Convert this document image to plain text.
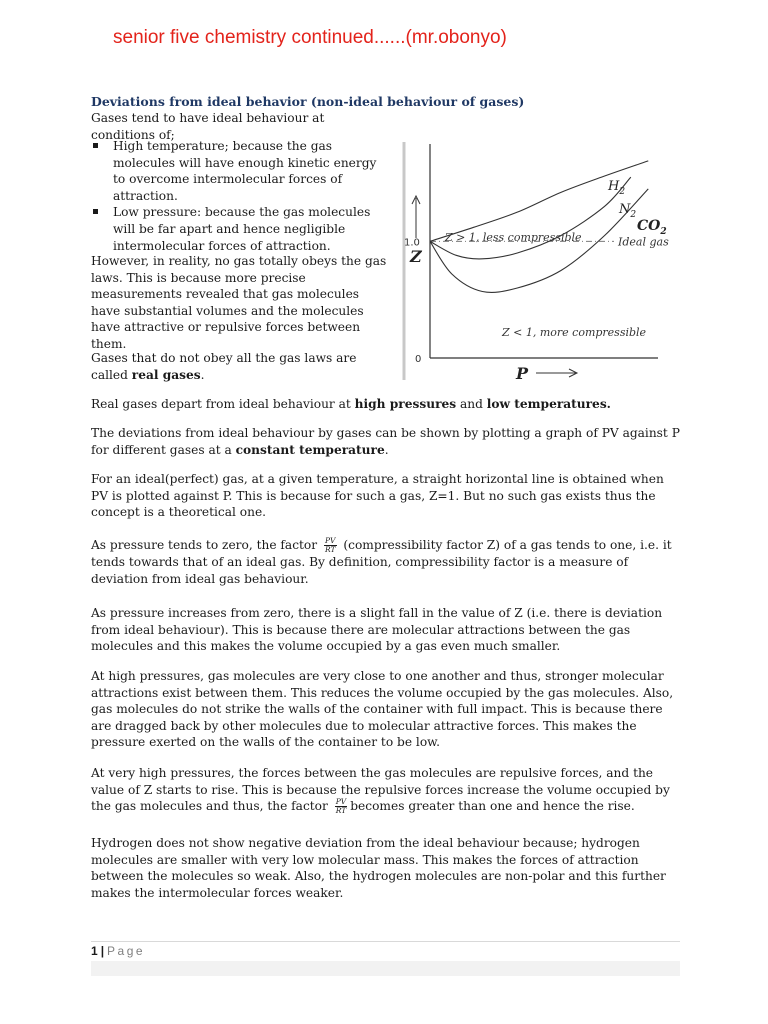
senior five chemistry continued......(mr.obonyo)
Deviations from ideal behavior (non-ideal behaviour of gases)

Gases tend to have ideal behaviour at conditions of;

High temperature; because the gas molecules will have enough kinetic energy to overcome intermolecular forces of attraction.
Low pressure: because the gas molecules will be far apart and hence negligible intermolecular forces of attraction.

However, in reality, no gas totally obeys the gas laws. This is because more precise measurements revealed that gas molecules have substantial volumes and the molecules have attractive or repulsive forces between them.

Gases that do not obey all the gas laws are called real gases.

Ideal gas
1.0
0
Z
P
$H_2$
$N_2$
$CO_2$
Z > 1, less compressible
Z < 1, more compressible

Real gases depart from ideal behaviour at high pressures and low temperatures.

The deviations from ideal behaviour by gases can be shown by plotting a graph of PV against P for different gases at a constant temperature.

For an ideal(perfect) gas, at a given temperature, a straight horizontal line is obtained when PV is plotted against P. This is because for such a gas, Z=1. But no such gas exists thus the concept is a theoretical one.

As pressure tends to zero, the factor $\frac{PV}{RT}$ (compressibility factor Z) of a gas tends to one, i.e. it tends towards that of an ideal gas. By definition, compressibility factor is a measure of deviation from ideal gas behaviour.

As pressure increases from zero, there is a slight fall in the value of Z (i.e. there is deviation from ideal behaviour). This is because there are molecular attractions between the gas molecules and this makes the volume occupied by a gas even much smaller.

At high pressures, gas molecules are very close to one another and thus, stronger molecular attractions exist between them. This reduces the volume occupied by the gas molecules. Also, gas molecules do not strike the walls of the container with full impact. This is because there are dragged back by other molecules due to molecular attractive forces. This makes the pressure exerted on the walls of the container to be low.

At very high pressures, the forces between the gas molecules are repulsive forces, and the value of Z starts to rise. This is because the repulsive forces increase the volume occupied by the gas molecules and thus, the factor $\frac{PV}{RT}$ becomes greater than one and hence the rise.

Hydrogen does not show negative deviation from the ideal behaviour because; hydrogen molecules are smaller with very low molecular mass. This makes the forces of attraction between the molecules so weak. Also, the hydrogen molecules are non-polar and this further makes the intermolecular forces weaker.

1 | Page
